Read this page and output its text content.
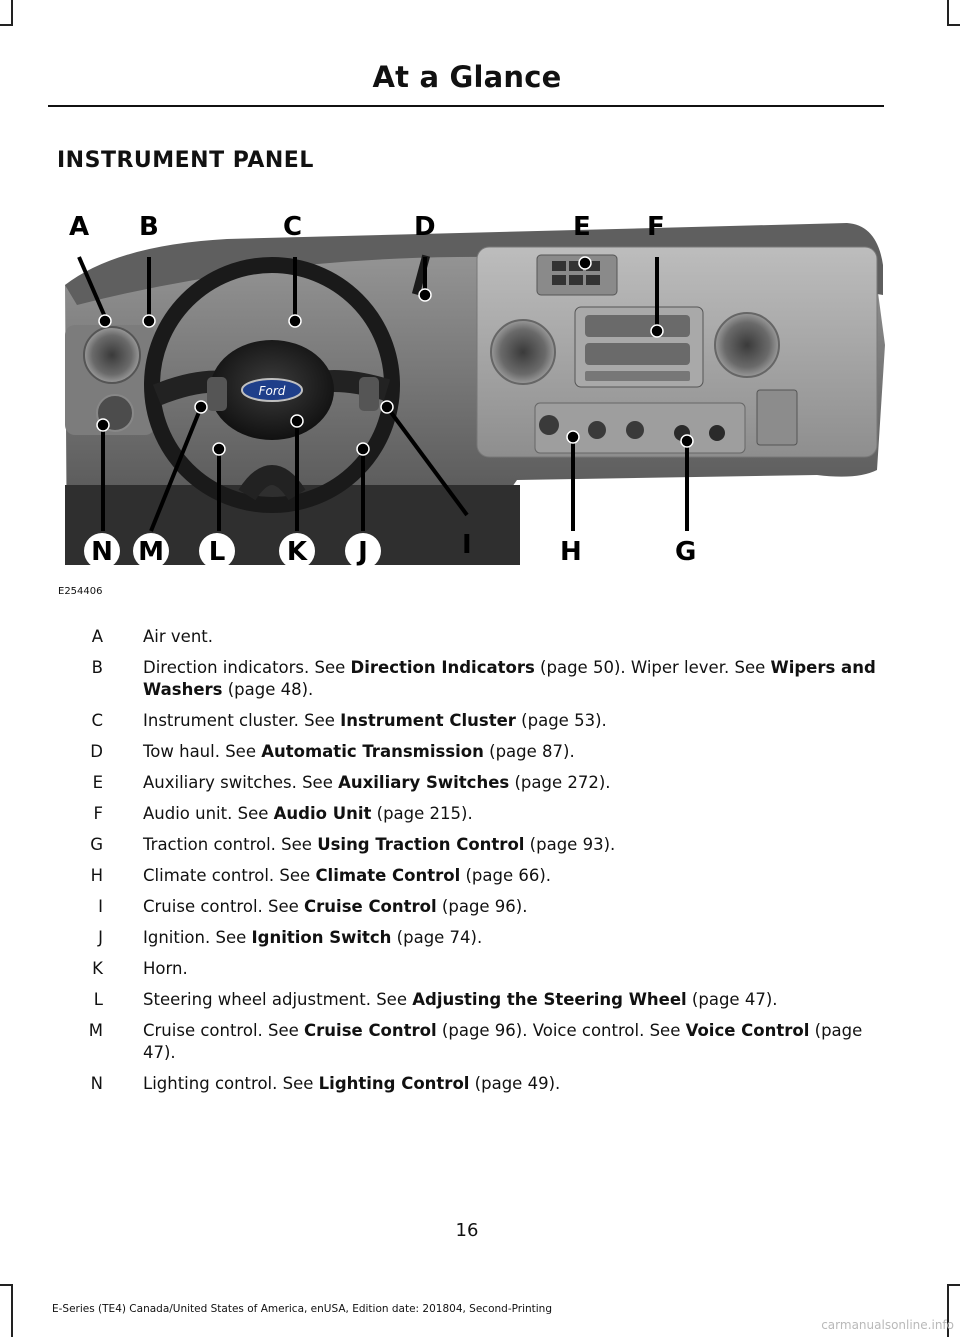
At a Glance
INSTRUMENT PANEL
Ford
A B	C	D	E F
G
H
I
J
K
L
M
N
E254406
A	Air vent.
B	Direction indicators. See Direction Indicators (page 50). Wiper lever. See Wipers and Washers (page 48).
C	Instrument cluster. See Instrument Cluster (page 53).
D	Tow haul. See Automatic Transmission (page 87).
E	Auxiliary switches. See Auxiliary Switches (page 272).
F	Audio unit. See Audio Unit (page 215).
G	Traction control. See Using Traction Control (page 93).
H	Climate control. See Climate Control (page 66).
I	Cruise control. See Cruise Control (page 96).
J	Ignition. See Ignition Switch (page 74).
K	Horn.
L	Steering wheel adjustment. See Adjusting the Steering Wheel (page 47).
M	Cruise control. See Cruise Control (page 96). Voice control. See Voice Control (page 47).
N	Lighting control. See Lighting Control (page 49).
16
E-Series (TE4) Canada/United States of America, enUSA, Edition date: 201804, Second-Printing
carmanualsonline.info
